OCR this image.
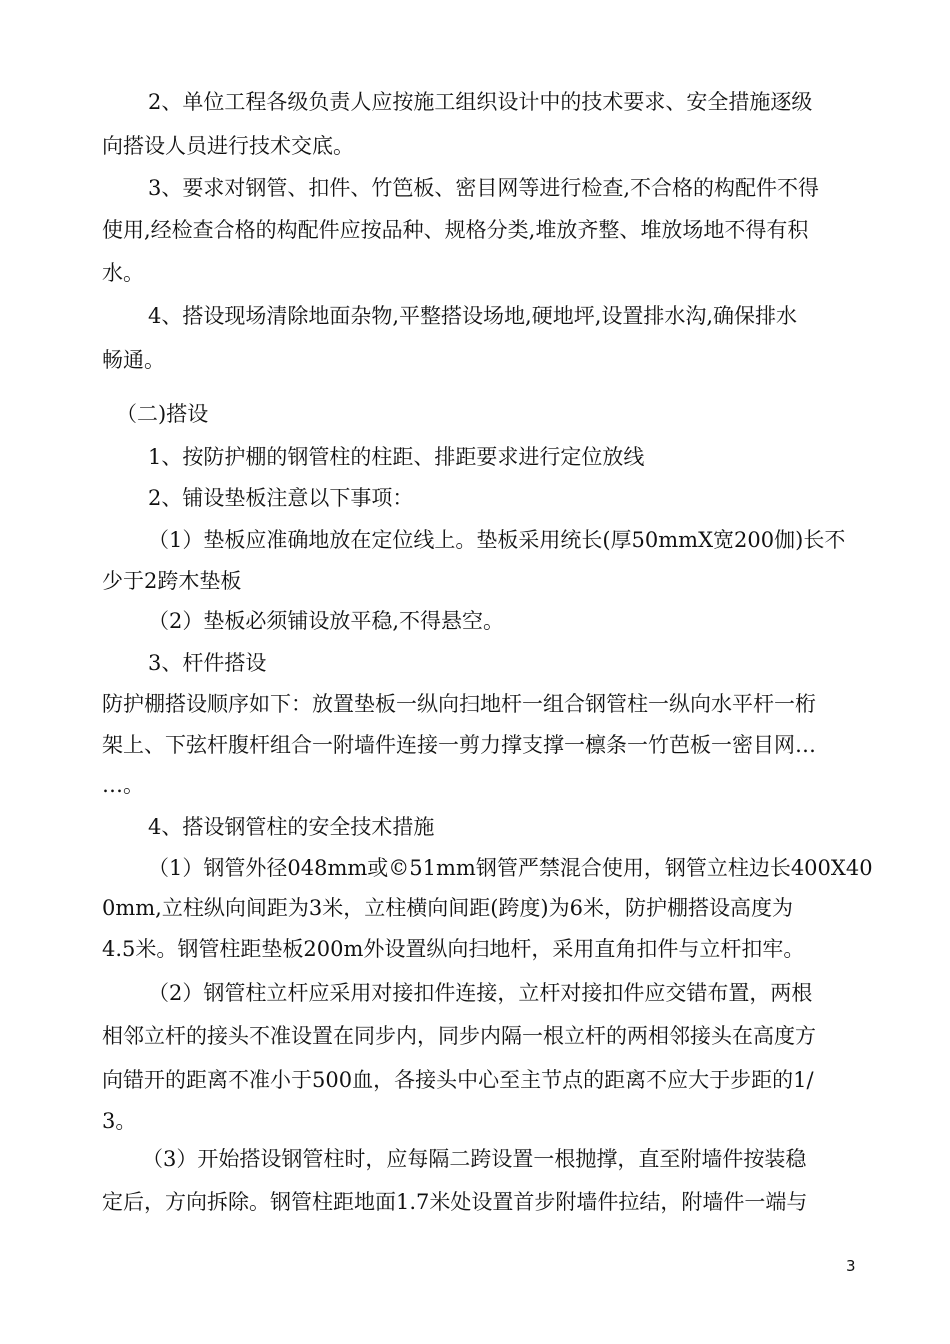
2、单位工程各级负责人应按施工组织设计中的技术要求、安全措施逐级
向搭设人员进行技术交底。
3、要求对钢管、扣件、竹笆板、密目网等进行检查,不合格的构配件不得
使用,经检查合格的构配件应按品种、规格分类,堆放齐整、堆放场地不得有积
水。
4、搭设现场清除地面杂物,平整搭设场地,硬地坪,设置排水沟,确保排水
畅通。
（二)搭设
1、按防护棚的钢管柱的柱距、排距要求进行定位放线
2、铺设垫板注意以下事项：
（1）垫板应准确地放在定位线上。垫板采用统长(厚50mmX宽200伽)长不
少于2跨木垫板
（2）垫板必须铺设放平稳,不得悬空。
3、杆件搭设
防护棚搭设顺序如下：放置垫板一纵向扫地杆一组合钢管柱一纵向水平杆一桁
架上、下弦杆腹杆组合一附墙件连接一剪力撑支撑一檩条一竹芭板一密目网…
…。
4、搭设钢管柱的安全技术措施
（1）钢管外径048mm或©51mm钢管严禁混合使用，钢管立柱边长400X40
0mm,立柱纵向间距为3米，立柱横向间距(跨度)为6米，防护棚搭设高度为
4.5米。钢管柱距垫板200m外设置纵向扫地杆，采用直角扣件与立杆扣牢。
（2）钢管柱立杆应采用对接扣件连接，立杆对接扣件应交错布置，两根
相邻立杆的接头不准设置在同步内，同步内隔一根立杆的两相邻接头在高度方
向错开的距离不准小于500血，各接头中心至主节点的距离不应大于步距的1/
3。
（3）开始搭设钢管柱时，应每隔二跨设置一根抛撑，直至附墙件按装稳
定后，方向拆除。钢管柱距地面1.7米处设置首步附墙件拉结，附墙件一端与
3
